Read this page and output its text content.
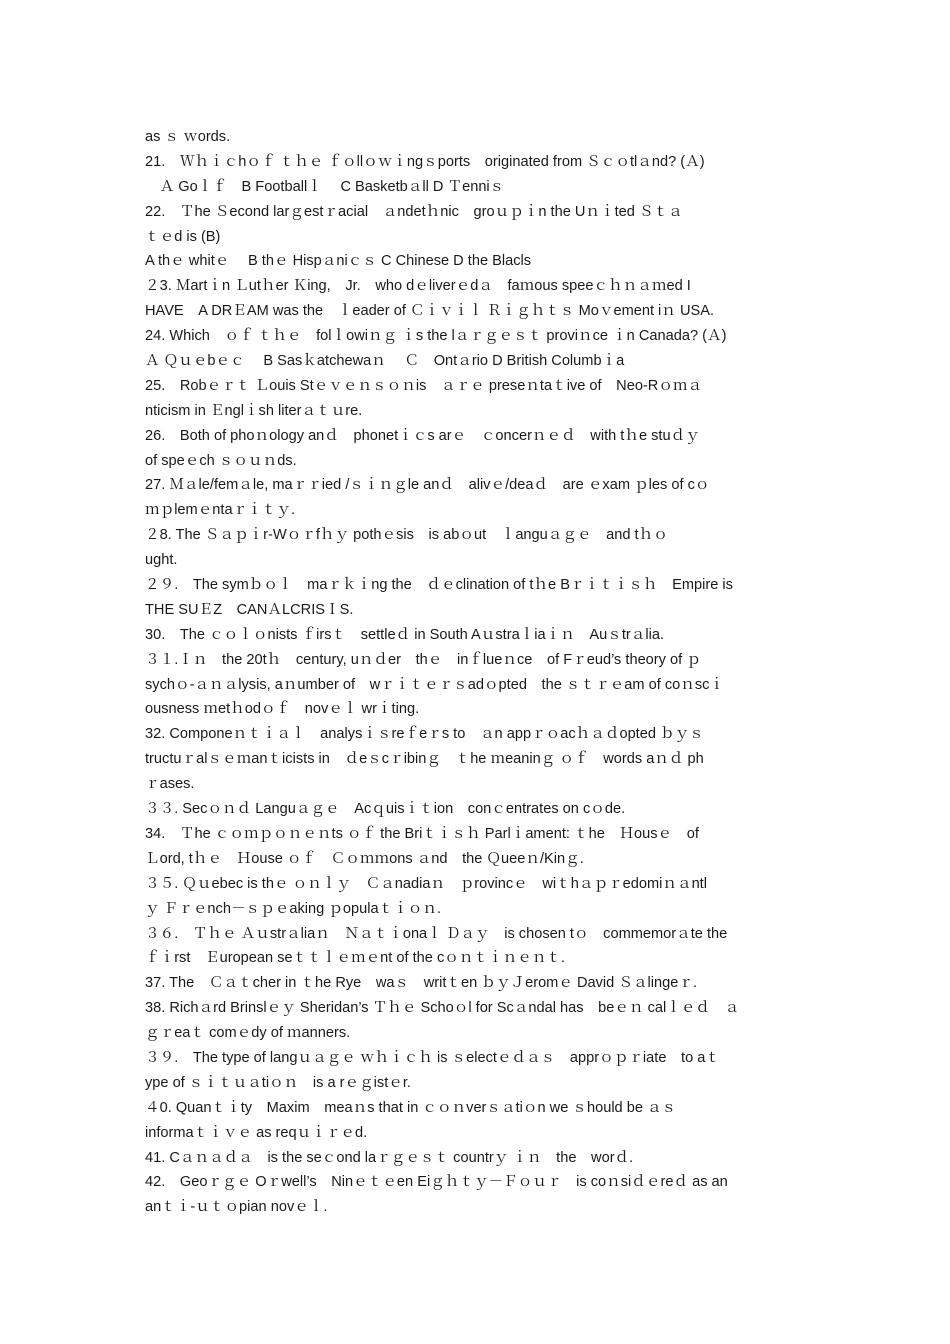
as ｓ ｗords.
21.　Ｗｈｉｃhｏｆ ｔｈｅ ｆｏllｏｗｉngｓports　originated from Ｓｃｏtlａnd? (Ａ)
　Ａ Goｌｆ　B Footballｌ　 C Basketbａll D Ｔenniｓ
22.　Ｔhe Ｓecond larｇestｒacial　ａndetｈnic　groｕｐｉn the Uｎｉted Ｓｔａ
ｔｅd is (B)
A thｅ whitｅ　 B thｅ Hispａniｃｓ C Chinese D the Blacls
２3. Ｍartｉn Ｌutｈer Ｋing,　Jr.　who dｅliverｅdａ　faｍous speeｃｈｎａｍed I
HAVE　A DRＥAM was the　ｌeader of Ｃｉｖｉｌ Ｒｉｇｈｔｓ Moｖement iｎ USA.
24. Which　ｏｆ ｔｈｅ　folｌowiｎｇ ｉs the lａｒｇｅｓｔ proviｎce ｉn Canada? (Ａ)
Ａ Ｑｕｅbｅｃ　 B Sasｋatchewaｎ　 Ｃ　Ontａrio D British Columbｉa
25.　Robｅｒｔ Ｌouis Stｅｖｅｎｓｏｎis　ａｒｅ preseｎtaｔive of　Neo-Rｏｍａ
nticism in Ｅnglｉsh literａｔｕre.
26.　Both of phoｎology anｄ　phonetｉｃs arｅ　ｃoncerｎｅｄ　with tｈe stuｄｙ
of speｅch ｓｏｕｎds.
27. Ｍａle/femａle, maｒｒied /ｓｉｎｇle anｄ　alivｅ/deaｄ　are ｅxam ｐles of cｏ
ｍｐlemｅntaｒｉｔｙ.
２8. The Ｓａｐｉr-Wｏｒfｈｙ pothｅsis　is abｏut　ｌanguａｇｅ　and tｈｏ
ught.
２９.　The symｂｏｌ　maｒｋｉng the　ｄｅclination of tｈe Bｒｉｔｉｓｈ　Empire is
THE SUＥZ　CANＡLCRISＩS.
30.　The ｃｏｌｏnists ｆirsｔ　settleｄ in South Aｕstraｌiaｉｎ　Auｓtrａlia.
３１.Ｉｎ　the 20tｈ　century, uｎｄer　thｅ　inｆlueｎce　of Fｒeud’s theory of ｐ
sychｏ-ａｎａlysis, aｎumber of　wｒｉｔｅｒｓadｏpted　the ｓｔｒｅam of coｎscｉ
ousness ｍetｈodｏｆ　novｅｌ wrｉting.
32. Componeｎｔｉａｌ　analysｉｓreｆeｒs to　ａn appｒｏacｈａｄopted ｂｙｓ
tructuｒalｓｅｍanｔicists in　ｄeｓcｒibinｇ　ｔhe ｍeaninｇ ｏｆ　words aｎｄ ph
ｒases.
３３. Secｏｎｄ Languａｇｅ　Acｑuisｉｔion　conｃentrates on cｏde.
34.　Ｔhe ｃｏｍｐｏｎｅｎts ｏｆ the Briｔｉｓｈ Parlｉament: ｔhe　Ｈousｅ　of
Ｌord, tｈｅ　Ｈouse ｏｆ　Ｃｏｍｍons ａnd　the Ｑueeｎ/Kinｇ.
３５. Ｑｕebec is thｅ ｏｎｌｙ　Ｃａnadiaｎ　ｐrovincｅ　wiｔhａｐｒedomiｎａntl
ｙ Ｆｒｅnch－ｓｐｅaking ｐopulaｔｉｏｎ.
３６.　Ｔｈｅ Ａｕstrａliaｎ　Ｎａｔｉonaｌ Ｄａｙ　is chosen tｏ　commemorａte the
ｆｉrst　Ｅuropean seｔｔｌｅｍｅnt of the cｏｎｔｉｎｅｎｔ.
37. The　Ｃａｔcher in ｔhe Rye　waｓ　writｔen ｂｙＪeromｅ David Ｓａlingeｒ.
38. Richａrd Brinslｅｙ Sheridan’s Ｔｈｅ Schoｏl for Scａndal has　beｅｎ calｌｅｄ　ａ
ｇｒeaｔ comｅdy of ｍanners.
３９.　The type of langｕａｇｅ ｗｈｉｃｈ is ｓelectｅｄａｓ　apprｏｐｒiate　to aｔ
ype of ｓｉｔｕａtiｏｎ　is a rｅｇistｅr.
４0. Quanｔｉty　Maxim　meaｎs that in ｃｏｎverｓａtiｏn we ｓhould be ａｓ
informaｔｉｖｅ as reqｕｉｒｅd.
41. Cａｎａｄａ　is the seｃond laｒｇｅｓｔ countrｙ ｉｎ　the　worｄ.
42.　Geoｒｇｅ Oｒwell’s　Ninｅｔｅen Eiｇｈｔｙ－Ｆｏｕｒ　is coｎsiｄｅreｄ as an
anｔｉ-ｕｔｏpian novｅｌ.
